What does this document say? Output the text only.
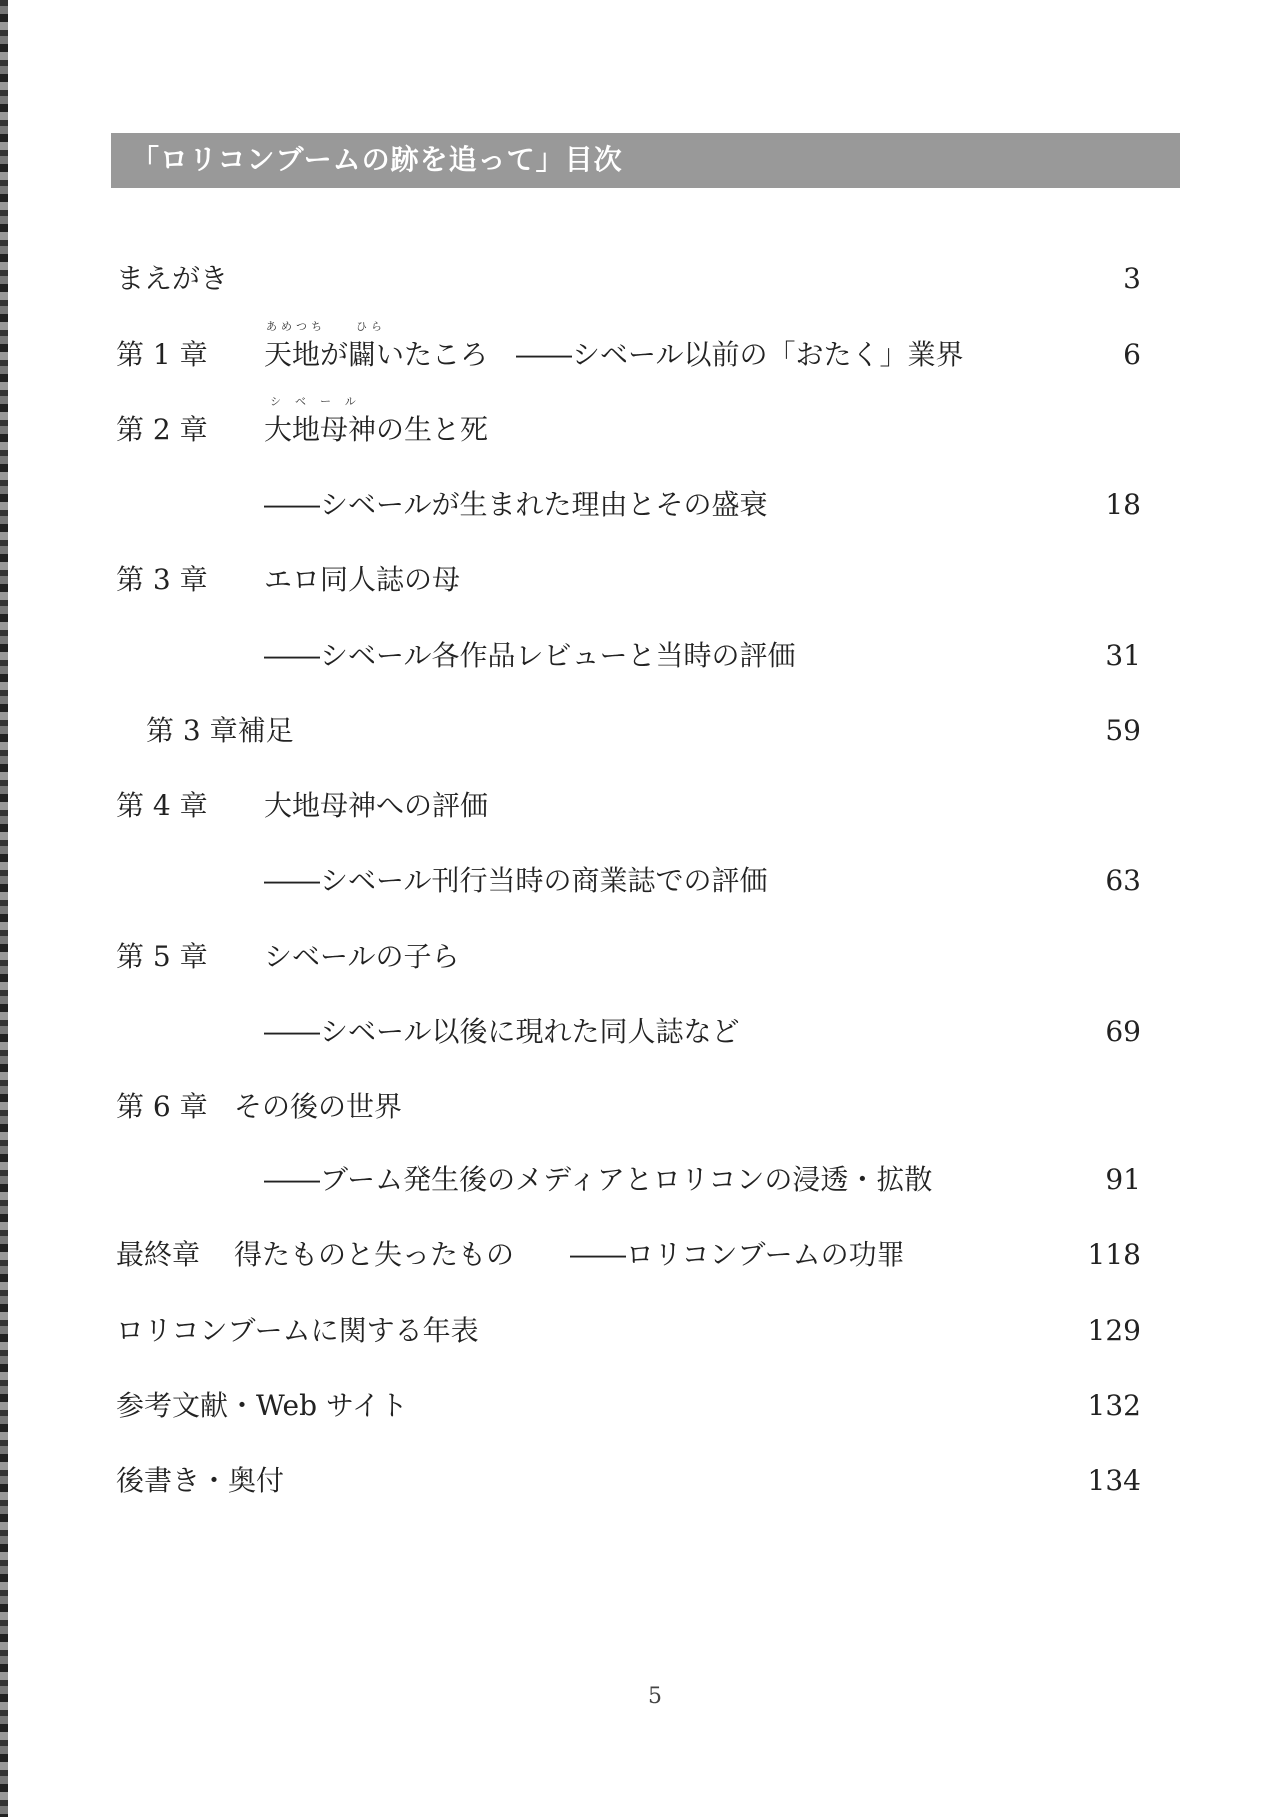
「ロリコンブームの跡を追って」目次
まえがき	3
第 1 章
あめつち	ひら
天地が闢いたころ　――シベール以前の「おたく」業界	6
第 2 章
シベール
大地母神の生と死
――シベールが生まれた理由とその盛衰	18
第 3 章 エロ同人誌の母
――シベール各作品レビューと当時の評価	31
第 3 章補足	59
第 4 章 大地母神への評価
――シベール刊行当時の商業誌での評価	63
第 5 章 シベールの子ら
――シベール以後に現れた同人誌など	69
第 6 章 その後の世界
――ブーム発生後のメディアとロリコンの浸透・拡散	91
最終章 得たものと失ったもの　　――ロリコンブームの功罪	118
ロリコンブームに関する年表	129
参考文献・Web サイト	132
後書き・奥付	134
5
